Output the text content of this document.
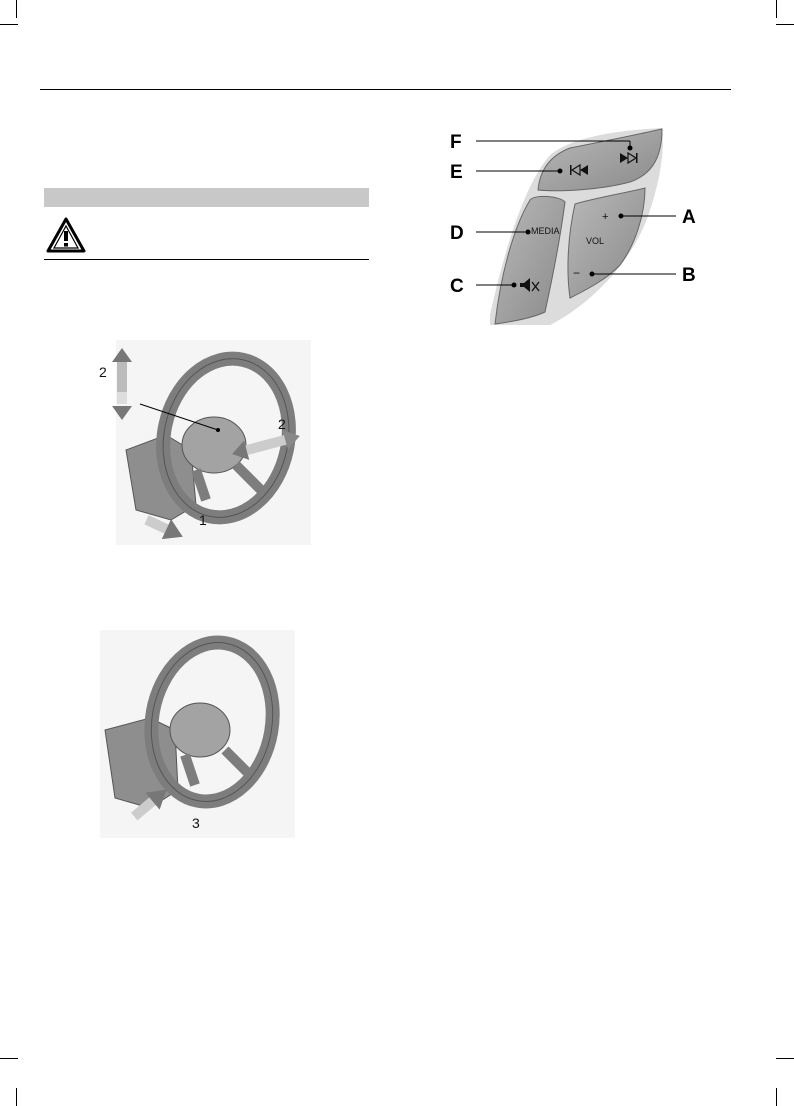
MEDIA
+
VOL
−
F
E
D
C
A
B
2
2
1
3
